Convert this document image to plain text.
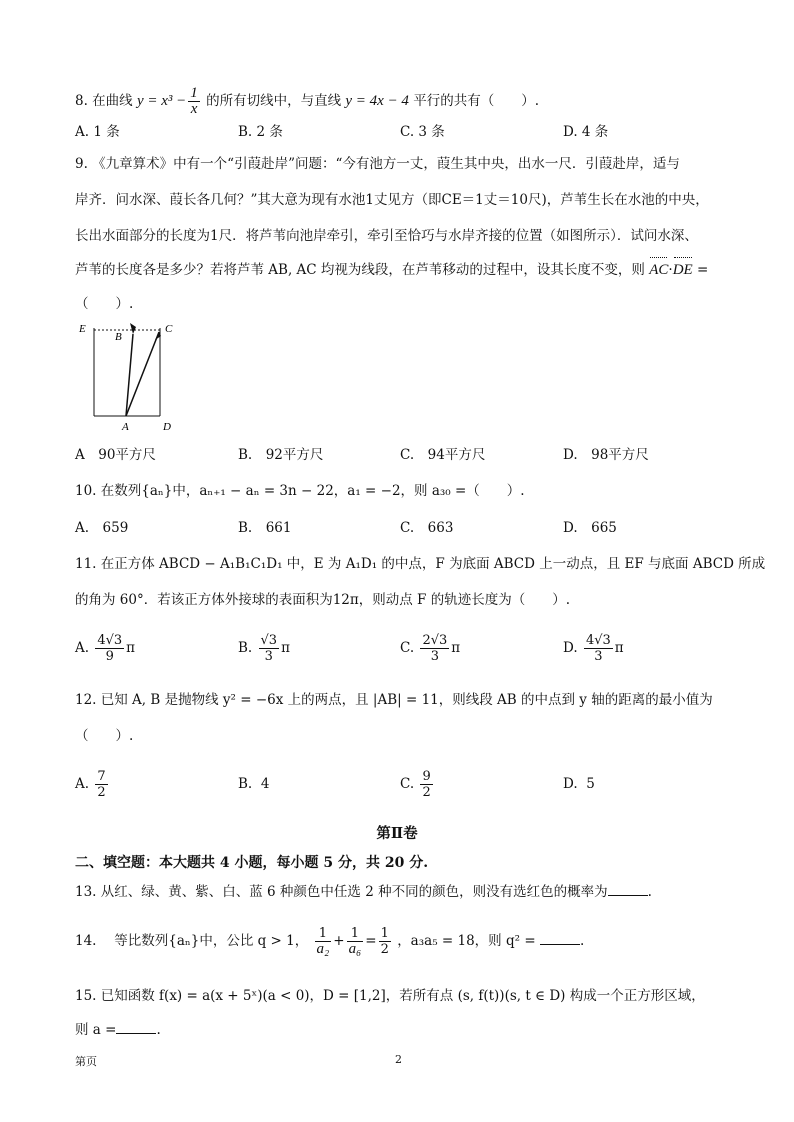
8. 在曲线 $y = x^3 - \frac{1}{x}$ 的所有切线中，与直线 y = 4x − 4 平行的共有（　　）.
A. 1 条	B. 2 条	C. 3 条	D. 4 条
9. 《九章算术》中有一个“引葭赴岸”问题：“今有池方一丈，葭生其中央，出水一尺．引葭赴岸，适与
岸齐．问水深、葭长各几何？”其大意为现有水池1丈见方（即CE＝1丈＝10尺)，芦苇生长在水池的中央，
长出水面部分的长度为1尺．将芦苇向池岸牵引，牵引至恰巧与水岸齐接的位置（如图所示）．试问水深、
芦苇的长度各是多少？若将芦苇 AB, AC 均视为线段，在芦苇移动的过程中，设其长度不变，则 AC·DE =
（　　）.
E
B
C
A	D
A　90平方尺	B.　92平方尺	C.　94平方尺	D.　98平方尺
10. 在数列{aₙ}中，aₙ₊₁ − aₙ = 3n − 22，a₁ = −2，则 a₃₀ =（　　）.
A.　659	B.　661	C.　663	D.　665
11. 在正方体 ABCD − A₁B₁C₁D₁ 中，E 为 A₁D₁ 的中点，F 为底面 ABCD 上一动点，且 EF 与底面 ABCD 所成
的角为 60°．若该正方体外接球的表面积为12π，则动点 F 的轨迹长度为（　　）.
A. $\frac{4√3}{9}$ π	B. $\frac{√3}{3}$ π	C. $\frac{2√3}{3}$ π	D. $\frac{4√3}{3}$ π
12. 已知 A, B 是抛物线 y² = −6x 上的两点，且 |AB| = 11，则线段 AB 的中点到 y 轴的距离的最小值为
（　　）.
A. $\frac{7}{2}$	B. 4	C. $\frac{9}{2}$	D. 5
第Ⅱ卷
二、填空题：本大题共 4 小题，每小题 5 分，共 20 分.
13. 从红、绿、黄、紫、白、蓝 6 种颜色中任选 2 种不同的颜色，则没有选红色的概率为	.
14.　 等比数列{aₙ}中，公比 q > 1， $\frac{1}{\text{a₂}} + \frac{1}{\text{a₆}} = \frac{1}{2}$ ，a₃a₅ = 18，则 q² =	.
15. 已知函数 f(x) = a(x + 5ˣ)(a < 0)，D = [1,2]，若所有点 (s, f(t))(s, t ∈ D) 构成一个正方形区域，
则 a =	.
第页	2
